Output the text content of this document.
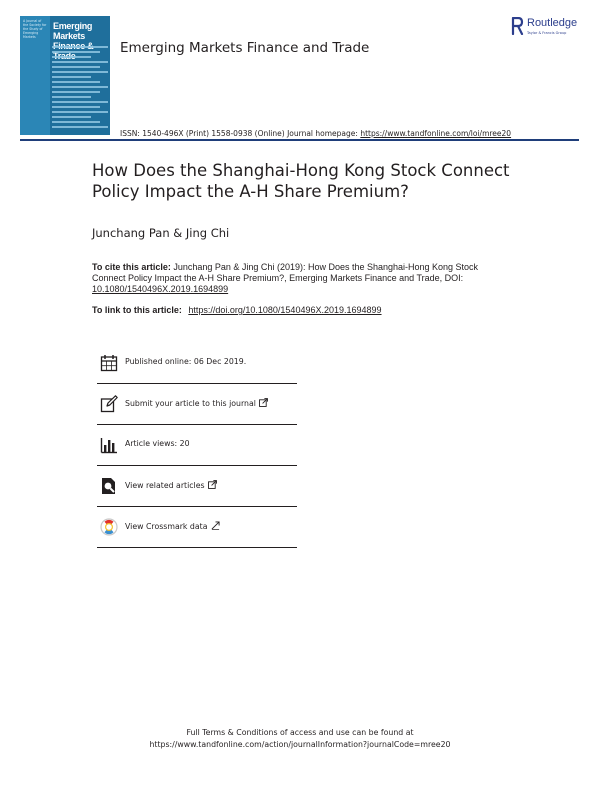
A Journal of the Society for the Study of Emerging Markets
Emerging Markets
Emerging Markets Finance and Trade
Routledge
Taylor & Francis Group
ISSN: 1540-496X (Print) 1558-0938 (Online) Journal homepage: https://www.tandfonline.com/loi/mree20
How Does the Shanghai-Hong Kong Stock Connect Policy Impact the A-H Share Premium?
Junchang Pan & Jing Chi
To cite this article: Junchang Pan & Jing Chi (2019): How Does the Shanghai-Hong Kong Stock Connect Policy Impact the A-H Share Premium?, Emerging Markets Finance and Trade, DOI: 10.1080/1540496X.2019.1694899
To link to this article: https://doi.org/10.1080/1540496X.2019.1694899
Published online: 06 Dec 2019.
Submit your article to this journal
Article views: 20
View related articles
View Crossmark data
Full Terms & Conditions of access and use can be found at
https://www.tandfonline.com/action/journalInformation?journalCode=mree20
